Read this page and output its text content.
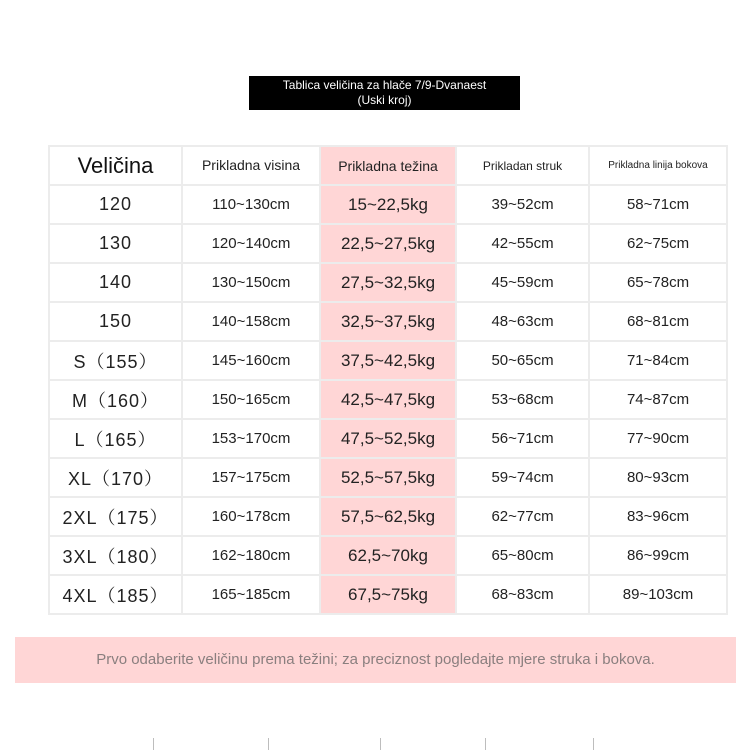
Tablica veličina za hlače 7/9-Dvanaest
(Uski kroj)
Veličina	Prikladna visina	Prikladna težina	Prikladan struk	Prikladna linija bokova
120	110~130cm	15~22,5kg	39~52cm	58~71cm
130	120~140cm	22,5~27,5kg	42~55cm	62~75cm
140	130~150cm	27,5~32,5kg	45~59cm	65~78cm
150	140~158cm	32,5~37,5kg	48~63cm	68~81cm
S（155）	145~160cm	37,5~42,5kg	50~65cm	71~84cm
M（160）	150~165cm	42,5~47,5kg	53~68cm	74~87cm
L（165）	153~170cm	47,5~52,5kg	56~71cm	77~90cm
XL（170）	157~175cm	52,5~57,5kg	59~74cm	80~93cm
2XL（175）	160~178cm	57,5~62,5kg	62~77cm	83~96cm
3XL（180）	162~180cm	62,5~70kg	65~80cm	86~99cm
4XL（185）	165~185cm	67,5~75kg	68~83cm	89~103cm
Prvo odaberite veličinu prema težini; za preciznost pogledajte mjere struka i bokova.
